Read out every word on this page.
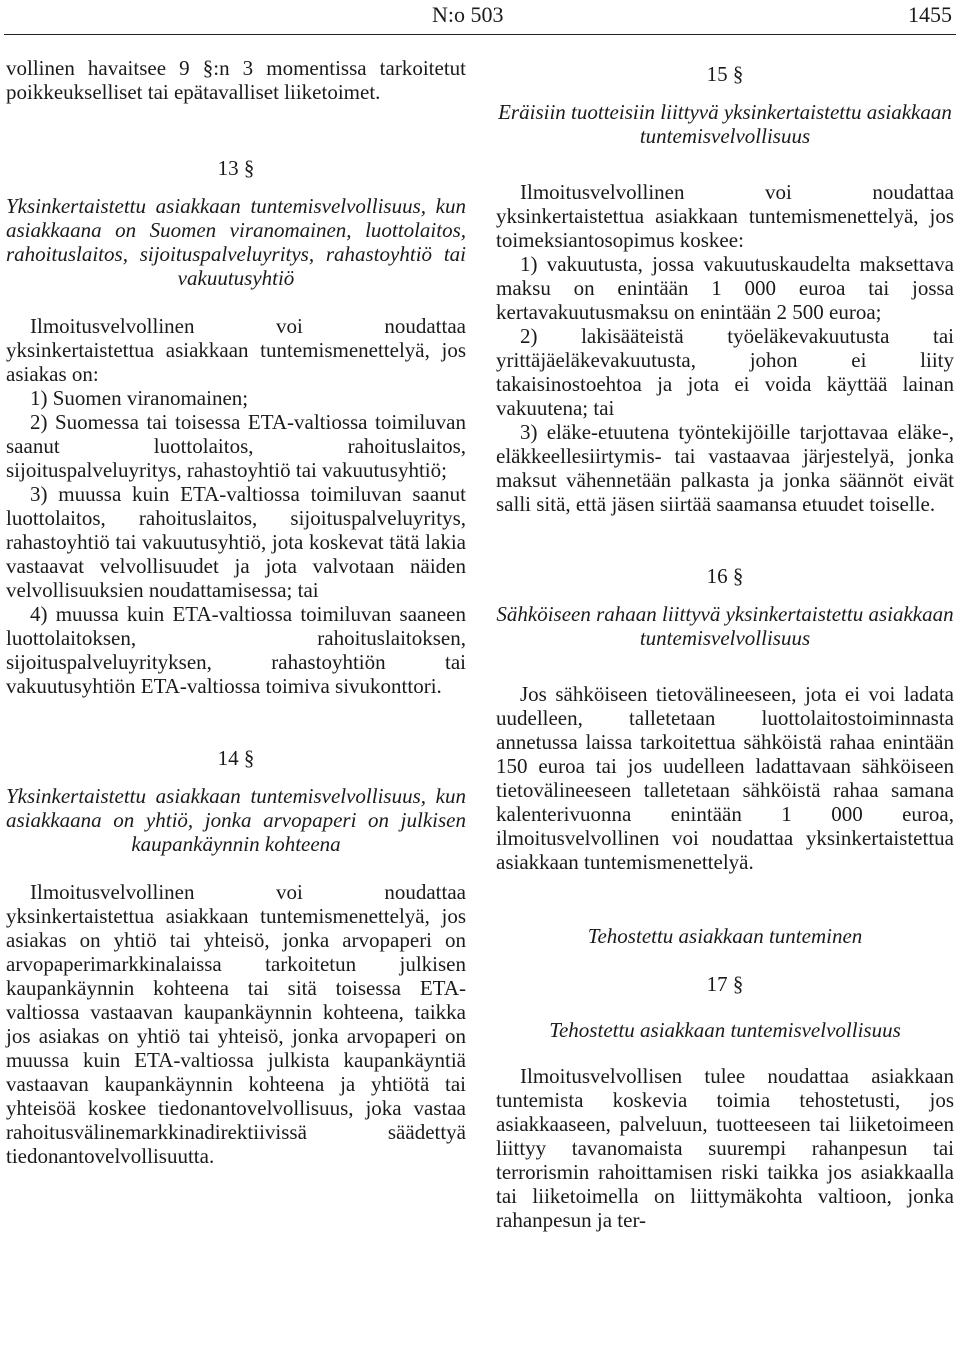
N:o 503	1455

vollinen havaitsee 9 §:n 3 momentissa tarkoitetut poikkeukselliset tai epätavalliset liiketoimet.

13 §

Yksinkertaistettu asiakkaan tuntemisvelvollisuus, kun asiakkaana on Suomen viranomainen, luottolaitos, rahoituslaitos, sijoituspalveluyritys, rahastoyhtiö tai vakuutusyhtiö

Ilmoitusvelvollinen voi noudattaa yksinkertaistettua asiakkaan tuntemismenettelyä, jos asiakas on:

1) Suomen viranomainen;

2) Suomessa tai toisessa ETA-valtiossa toimiluvan saanut luottolaitos, rahoituslaitos, sijoituspalveluyritys, rahastoyhtiö tai vakuutusyhtiö;

3) muussa kuin ETA-valtiossa toimiluvan saanut luottolaitos, rahoituslaitos, sijoituspalveluyritys, rahastoyhtiö tai vakuutusyhtiö, jota koskevat tätä lakia vastaavat velvollisuudet ja jota valvotaan näiden velvollisuuksien noudattamisessa; tai

4) muussa kuin ETA-valtiossa toimiluvan saaneen luottolaitoksen, rahoituslaitoksen, sijoituspalveluyrityksen, rahastoyhtiön tai vakuutusyhtiön ETA-valtiossa toimiva sivukonttori.

14 §

Yksinkertaistettu asiakkaan tuntemisvelvollisuus, kun asiakkaana on yhtiö, jonka arvopaperi on julkisen kaupankäynnin kohteena

Ilmoitusvelvollinen voi noudattaa yksinkertaistettua asiakkaan tuntemismenettelyä, jos asiakas on yhtiö tai yhteisö, jonka arvopaperi on arvopaperimarkkinalaissa tarkoitetun julkisen kaupankäynnin kohteena tai sitä toisessa ETA-valtiossa vastaavan kaupankäynnin kohteena, taikka jos asiakas on yhtiö tai yhteisö, jonka arvopaperi on muussa kuin ETA-valtiossa julkista kaupankäyntiä vastaavan kaupankäynnin kohteena ja yhtiötä tai yhteisöä koskee tiedonantovelvollisuus, joka vastaa rahoitusvälinemarkkinadirektiivissä säädettyä tiedonantovelvollisuutta.

15 §

Eräisiin tuotteisiin liittyvä yksinkertaistettu asiakkaan tuntemisvelvollisuus

Ilmoitusvelvollinen voi noudattaa yksinkertaistettua asiakkaan tuntemismenettelyä, jos toimeksiantosopimus koskee:

1) vakuutusta, jossa vakuutuskaudelta maksettava maksu on enintään 1 000 euroa tai jossa kertavakuutusmaksu on enintään 2 500 euroa;

2) lakisääteistä työeläkevakuutusta tai yrittäjäeläkevakuutusta, johon ei liity takaisinostoehtoa ja jota ei voida käyttää lainan vakuutena; tai

3) eläke-etuutena työntekijöille tarjottavaa eläke-, eläkkeellesiirtymis- tai vastaavaa järjestelyä, jonka maksut vähennetään palkasta ja jonka säännöt eivät salli sitä, että jäsen siirtää saamansa etuudet toiselle.

16 §

Sähköiseen rahaan liittyvä yksinkertaistettu asiakkaan tuntemisvelvollisuus

Jos sähköiseen tietovälineeseen, jota ei voi ladata uudelleen, talletetaan luottolaitostoiminnasta annetussa laissa tarkoitettua sähköistä rahaa enintään 150 euroa tai jos uudelleen ladattavaan sähköiseen tietovälineeseen talletetaan sähköistä rahaa samana kalenterivuonna enintään 1 000 euroa, ilmoitusvelvollinen voi noudattaa yksinkertaistettua asiakkaan tuntemismenettelyä.

Tehostettu asiakkaan tunteminen

17 §

Tehostettu asiakkaan tuntemisvelvollisuus

Ilmoitusvelvollisen tulee noudattaa asiakkaan tuntemista koskevia toimia tehostetusti, jos asiakkaaseen, palveluun, tuotteeseen tai liiketoimeen liittyy tavanomaista suurempi rahanpesun tai terrorismin rahoittamisen riski taikka jos asiakkaalla tai liiketoimella on liittymäkohta valtioon, jonka rahanpesun ja ter-
